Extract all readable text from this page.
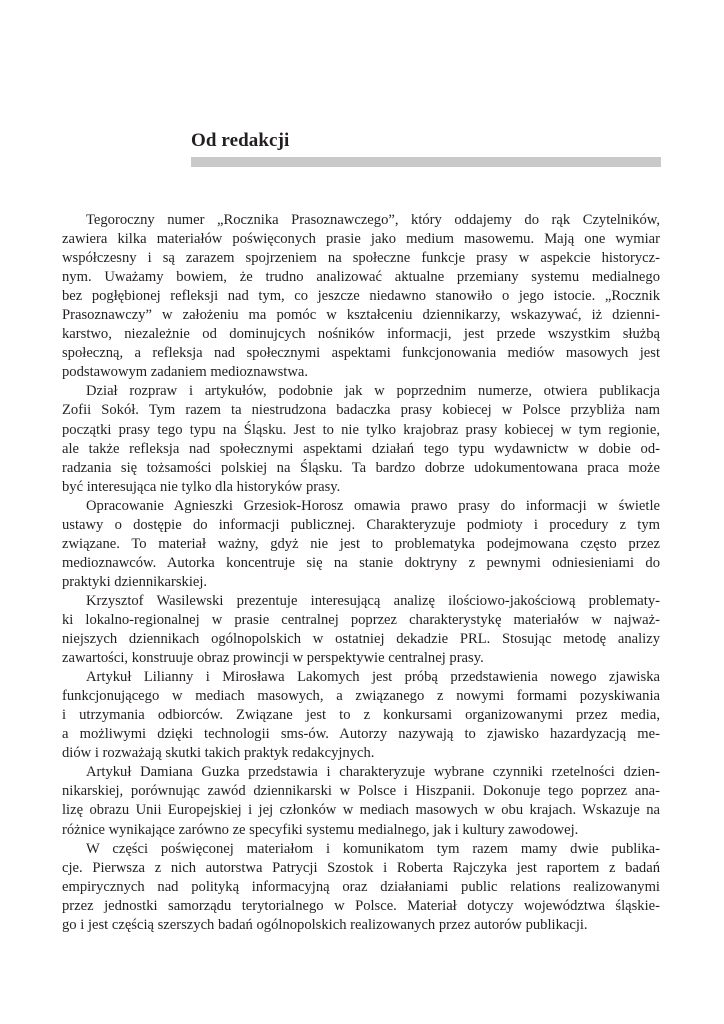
Od redakcji

Tegoroczny numer „Rocznika Prasoznawczego”, który oddajemy do rąk Czytelników,
zawiera kilka materiałów poświęconych prasie jako medium masowemu. Mają one wymiar
współczesny i są zarazem spojrzeniem na społeczne funkcje prasy w aspekcie historycz-
nym. Uważamy bowiem, że trudno analizować aktualne przemiany systemu medialnego
bez pogłębionej refleksji nad tym, co jeszcze niedawno stanowiło o jego istocie. „Rocznik
Prasoznawczy” w założeniu ma pomóc w kształceniu dziennikarzy, wskazywać, iż dzienni-
karstwo, niezależnie od dominujcych nośników informacji, jest przede wszystkim służbą
społeczną, a refleksja nad społecznymi aspektami funkcjonowania mediów masowych jest
podstawowym zadaniem medioznawstwa.

Dział rozpraw i artykułów, podobnie jak w poprzednim numerze, otwiera publikacja
Zofii Sokół. Tym razem ta niestrudzona badaczka prasy kobiecej w Polsce przybliża nam
początki prasy tego typu na Śląsku. Jest to nie tylko krajobraz prasy kobiecej w tym regionie,
ale także refleksja nad społecznymi aspektami działań tego typu wydawnictw w dobie od-
radzania się tożsamości polskiej na Śląsku. Ta bardzo dobrze udokumentowana praca może
być interesująca nie tylko dla historyków prasy.

Opracowanie Agnieszki Grzesiok-Horosz omawia prawo prasy do informacji w świetle
ustawy o dostępie do informacji publicznej. Charakteryzuje podmioty i procedury z tym
związane. To materiał ważny, gdyż nie jest to problematyka podejmowana często przez
medioznawców. Autorka koncentruje się na stanie doktryny z pewnymi odniesieniami do
praktyki dziennikarskiej.

Krzysztof Wasilewski prezentuje interesującą analizę ilościowo-jakościową problematy-
ki lokalno-regionalnej w prasie centralnej poprzez charakterystykę materiałów w najważ-
niejszych dziennikach ogólnopolskich w ostatniej dekadzie PRL. Stosując metodę analizy
zawartości, konstruuje obraz prowincji w perspektywie centralnej prasy.

Artykuł Lilianny i Mirosława Lakomych jest próbą przedstawienia nowego zjawiska
funkcjonującego w mediach masowych, a związanego z nowymi formami pozyskiwania
i utrzymania odbiorców. Związane jest to z konkursami organizowanymi przez media,
a możliwymi dzięki technologii sms-ów. Autorzy nazywają to zjawisko hazardyzacją me-
diów i rozważają skutki takich praktyk redakcyjnych.

Artykuł Damiana Guzka przedstawia i charakteryzuje wybrane czynniki rzetelności dzien-
nikarskiej, porównując zawód dziennikarski w Polsce i Hiszpanii. Dokonuje tego poprzez ana-
lizę obrazu Unii Europejskiej i jej członków w mediach masowych w obu krajach. Wskazuje na
różnice wynikające zarówno ze specyfiki systemu medialnego, jak i kultury zawodowej.

W części poświęconej materiałom i komunikatom tym razem mamy dwie publika-
cje. Pierwsza z nich autorstwa Patrycji Szostok i Roberta Rajczyka jest raportem z badań
empirycznych nad polityką informacyjną oraz działaniami public relations realizowanymi
przez jednostki samorządu terytorialnego w Polsce. Materiał dotyczy województwa śląskie-
go i jest częścią szerszych badań ogólnopolskich realizowanych przez autorów publikacji.
